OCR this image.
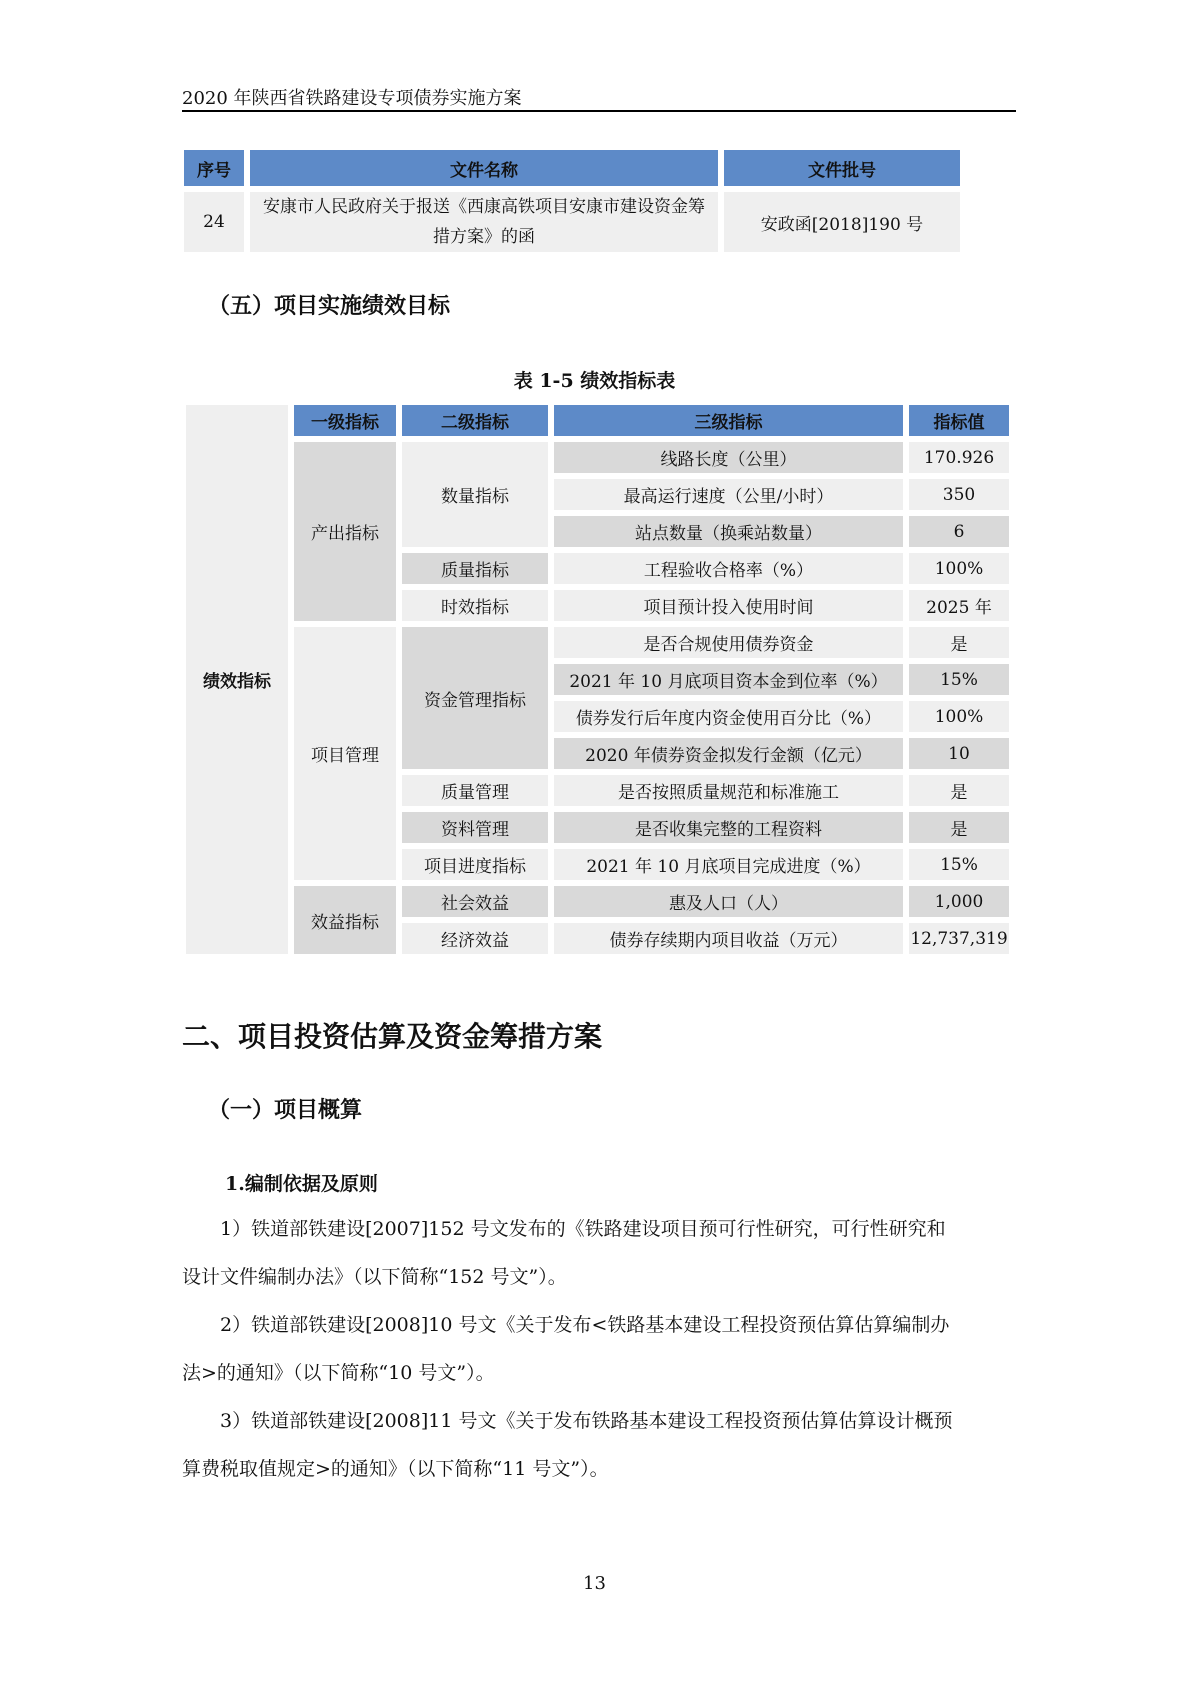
2020 年陕西省铁路建设专项债券实施方案
序号	文件名称	文件批号
24	安康市人民政府关于报送《西康高铁项目安康市建设资金筹
措方案》的函	安政函[2018]190 号
（五）项目实施绩效目标
表 1-5 绩效指标表
绩效指标	一级指标	二级指标	三级指标	指标值
	产出指标	数量指标	线路长度（公里）	170.926
			最高运行速度（公里/小时）	350
			站点数量（换乘站数量）	6
		质量指标	工程验收合格率（%）	100%
		时效指标	项目预计投入使用时间	2025 年
	项目管理	资金管理指标	是否合规使用债券资金	是
			2021 年 10 月底项目资本金到位率（%）	15%
			债券发行后年度内资金使用百分比（%）	100%
			2020 年债券资金拟发行金额（亿元）	10
		质量管理	是否按照质量规范和标准施工	是
		资料管理	是否收集完整的工程资料	是
		项目进度指标	2021 年 10 月底项目完成进度（%）	15%
	效益指标	社会效益	惠及人口（人）	1,000
		经济效益	债券存续期内项目收益（万元）	12,737,319
二、项目投资估算及资金筹措方案
（一）项目概算
1.编制依据及原则
1）铁道部铁建设[2007]152 号文发布的《铁路建设项目预可行性研究，可行性研究和
设计文件编制办法》（以下简称“152 号文”）。
2）铁道部铁建设[2008]10 号文《关于发布<铁路基本建设工程投资预估算估算编制办
法>的通知》（以下简称“10 号文”）。
3）铁道部铁建设[2008]11 号文《关于发布铁路基本建设工程投资预估算估算设计概预
算费税取值规定>的通知》（以下简称“11 号文”）。
13
